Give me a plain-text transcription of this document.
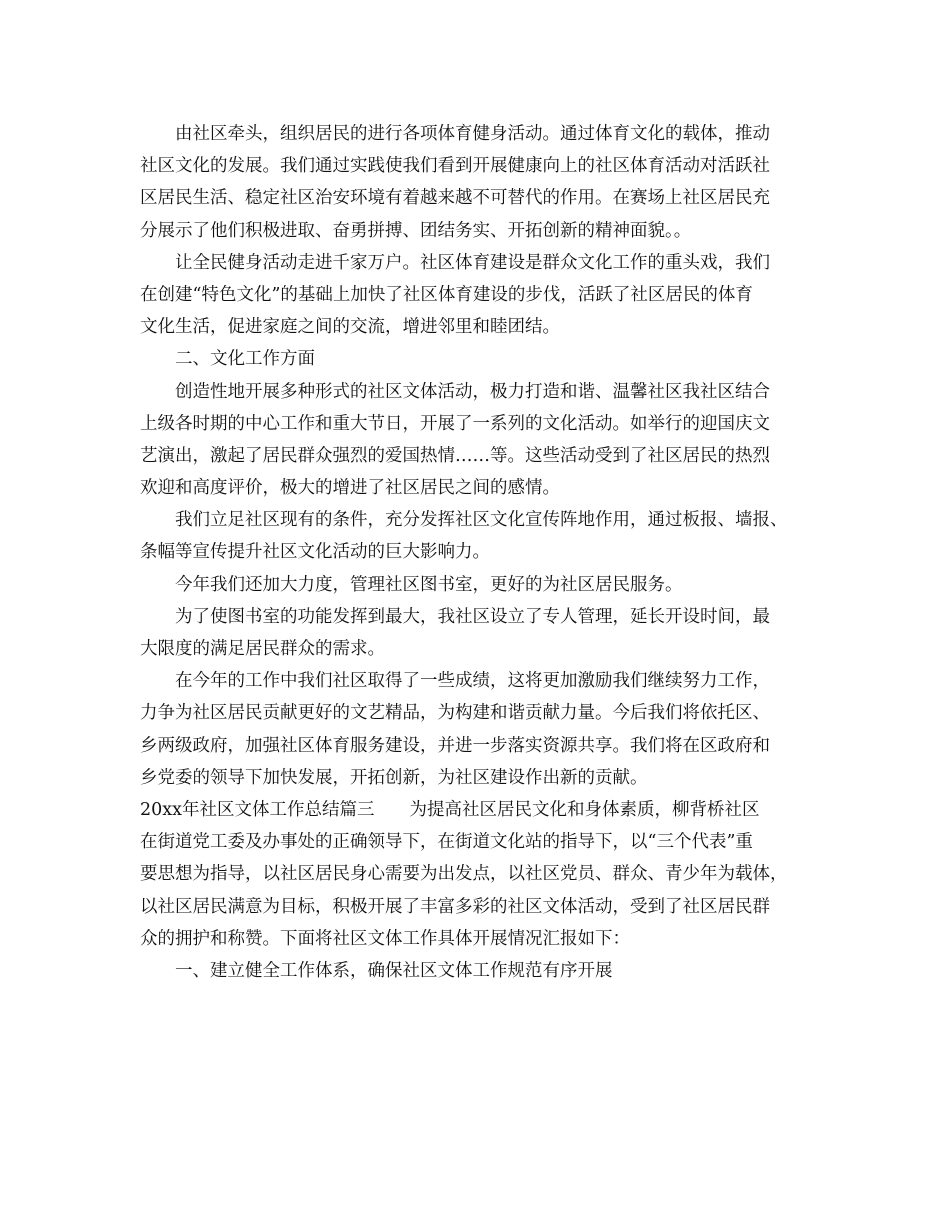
由社区牵头，组织居民的进行各项体育健身活动。通过体育文化的载体，推动
社区文化的发展。我们通过实践使我们看到开展健康向上的社区体育活动对活跃社
区居民生活、稳定社区治安环境有着越来越不可替代的作用。在赛场上社区居民充
分展示了他们积极进取、奋勇拼搏、团结务实、开拓创新的精神面貌。。
让全民健身活动走进千家万户。社区体育建设是群众文化工作的重头戏，我们
在创建“特色文化”的基础上加快了社区体育建设的步伐，活跃了社区居民的体育
文化生活，促进家庭之间的交流，增进邻里和睦团结。
二、文化工作方面
创造性地开展多种形式的社区文体活动，极力打造和谐、温馨社区我社区结合
上级各时期的中心工作和重大节日，开展了一系列的文化活动。如举行的迎国庆文
艺演出，激起了居民群众强烈的爱国热情……等。这些活动受到了社区居民的热烈
欢迎和高度评价，极大的增进了社区居民之间的感情。
我们立足社区现有的条件，充分发挥社区文化宣传阵地作用，通过板报、墙报、
条幅等宣传提升社区文化活动的巨大影响力。
今年我们还加大力度，管理社区图书室，更好的为社区居民服务。
为了使图书室的功能发挥到最大，我社区设立了专人管理，延长开设时间，最
大限度的满足居民群众的需求。
在今年的工作中我们社区取得了一些成绩，这将更加激励我们继续努力工作，
力争为社区居民贡献更好的文艺精品，为构建和谐贡献力量。今后我们将依托区、
乡两级政府，加强社区体育服务建设，并进一步落实资源共享。我们将在区政府和
乡党委的领导下加快发展，开拓创新，为社区建设作出新的贡献。
20xx年社区文体工作总结篇三　　为提高社区居民文化和身体素质，柳背桥社区
在街道党工委及办事处的正确领导下，在街道文化站的指导下，以“三个代表”重
要思想为指导，以社区居民身心需要为出发点，以社区党员、群众、青少年为载体，
以社区居民满意为目标，积极开展了丰富多彩的社区文体活动，受到了社区居民群
众的拥护和称赞。下面将社区文体工作具体开展情况汇报如下：
一、建立健全工作体系，确保社区文体工作规范有序开展
